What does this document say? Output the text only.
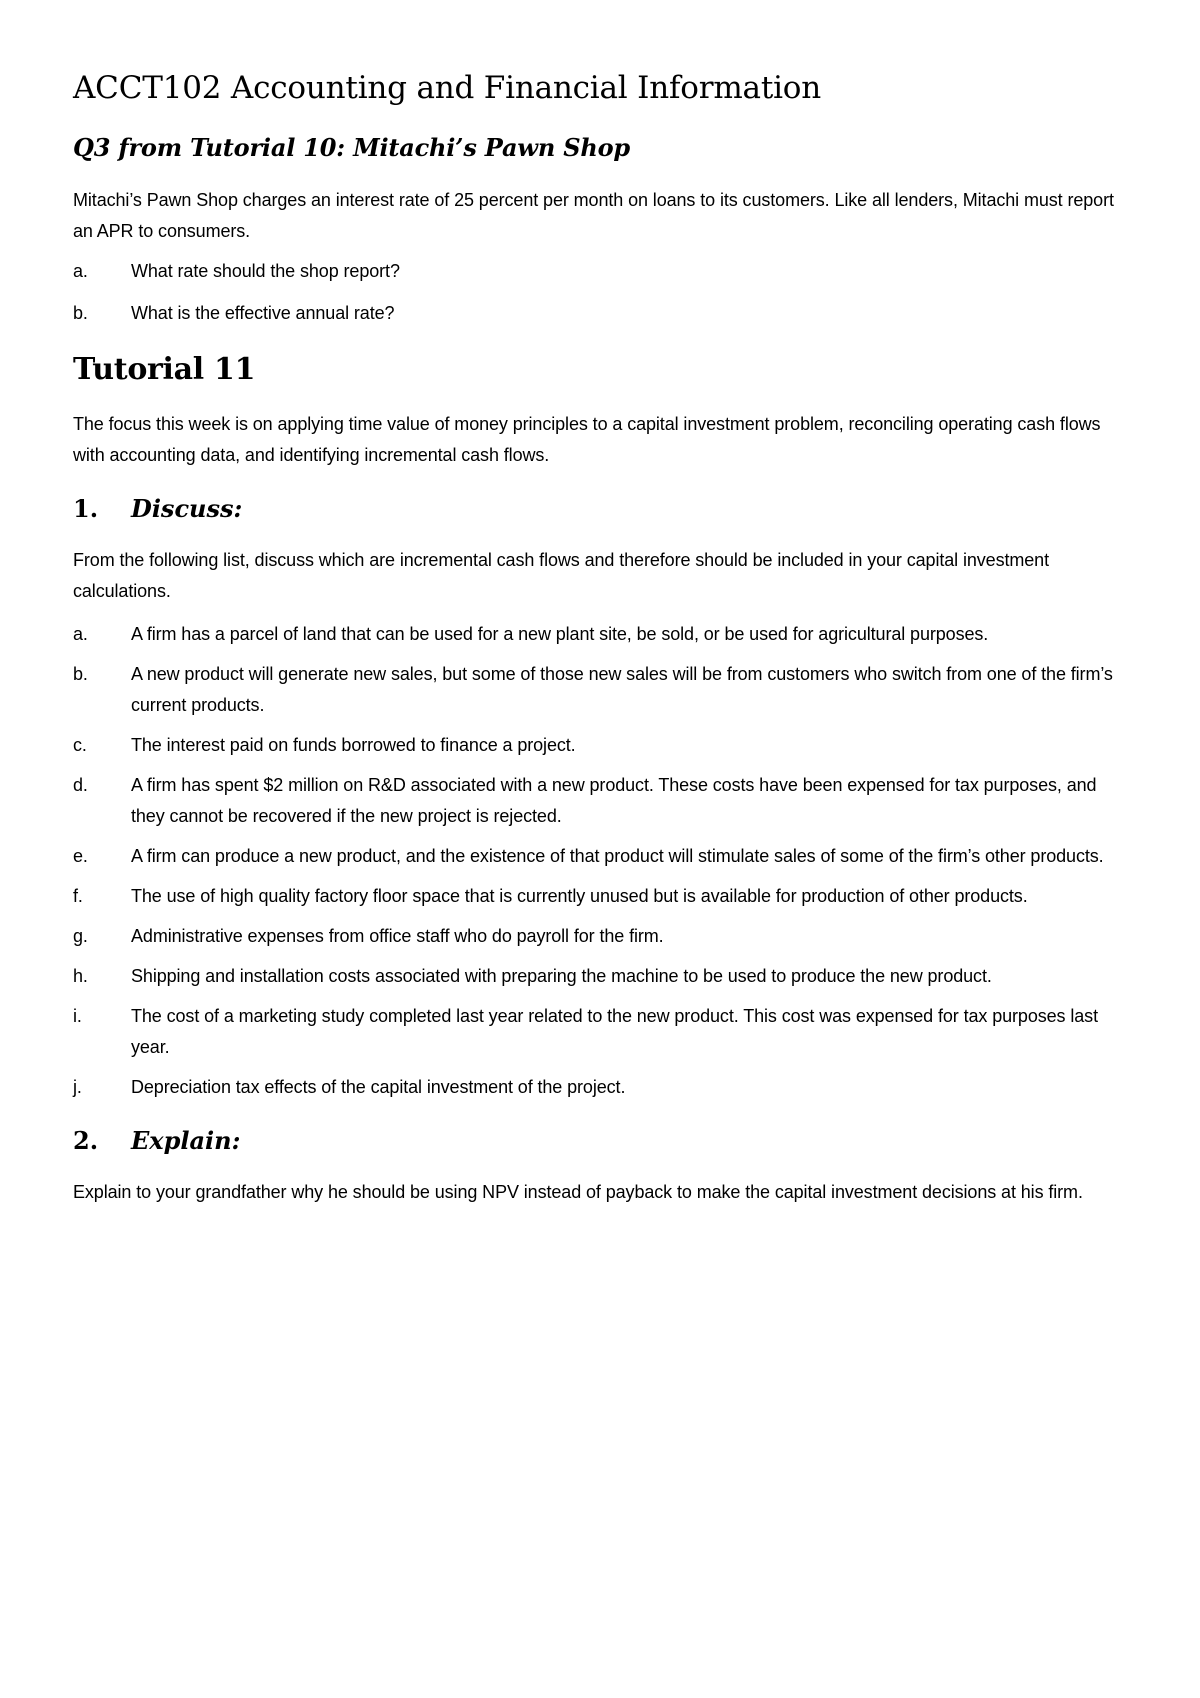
ACCT102 Accounting and Financial Information
Q3 from Tutorial 10: Mitachi’s Pawn Shop

Mitachi’s Pawn Shop charges an interest rate of 25 percent per month on loans to its customers. Like all lenders, Mitachi must report an APR to consumers.

a.	What rate should the shop report?
b.	What is the effective annual rate?
Tutorial 11

The focus this week is on applying time value of money principles to a capital investment problem, reconciling operating cash flows with accounting data, and identifying incremental cash flows.

1.	Discuss:

From the following list, discuss which are incremental cash flows and therefore should be included in your capital investment calculations.

a.	A firm has a parcel of land that can be used for a new plant site, be sold, or be used for agricultural purposes.
b.	A new product will generate new sales, but some of those new sales will be from customers who switch from one of the firm’s current products.
c.	The interest paid on funds borrowed to finance a project.
d.	A firm has spent $2 million on R&D associated with a new product. These costs have been expensed for tax purposes, and they cannot be recovered if the new project is rejected.
e.	A firm can produce a new product, and the existence of that product will stimulate sales of some of the firm’s other products.
f.	The use of high quality factory floor space that is currently unused but is available for production of other products.
g.	Administrative expenses from office staff who do payroll for the firm.
h.	Shipping and installation costs associated with preparing the machine to be used to produce the new product.
i.	The cost of a marketing study completed last year related to the new product. This cost was expensed for tax purposes last year.
j.	Depreciation tax effects of the capital investment of the project.
2.	Explain:

Explain to your grandfather why he should be using NPV instead of payback to make the capital investment decisions at his firm.
